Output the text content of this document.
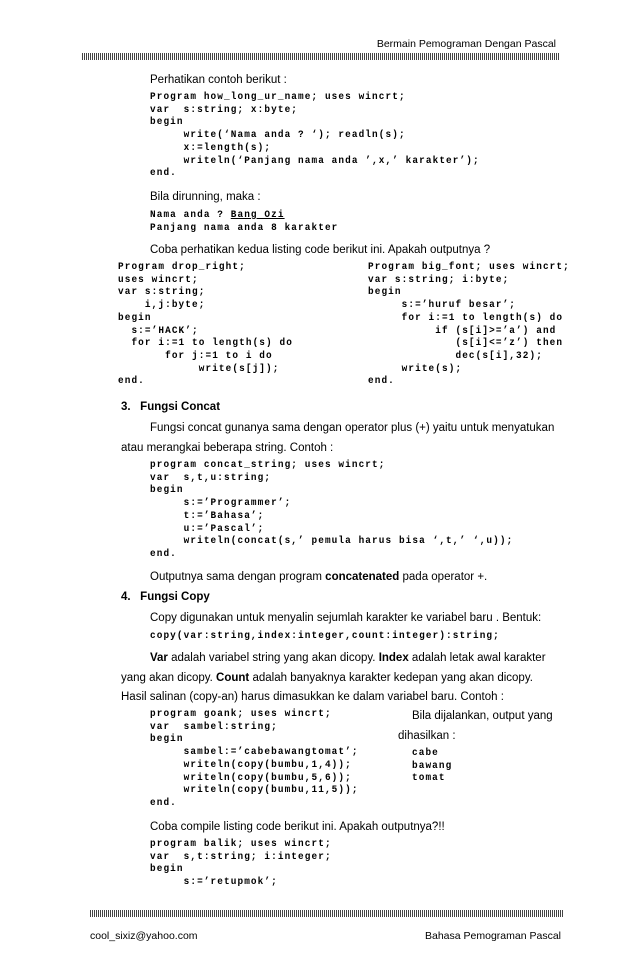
Bermain Pemograman Dengan Pascal
Perhatikan contoh berikut :
Program how_long_ur_name; uses wincrt;
var  s:string; x:byte;
begin
write(‘Nama anda ? ‘); readln(s);
x:=length(s);
writeln(‘Panjang nama anda ’,x,’ karakter’);
end.
Bila dirunning, maka :
Nama anda ? Bang Ozi
Panjang nama anda 8 karakter
Coba perhatikan kedua listing code berikut ini. Apakah outputnya ?
Program drop_right;
uses wincrt;
var s:string;
i,j:byte;
begin
s:=’HACK’;
for i:=1 to length(s) do
for j:=1 to i do
write(s[j]);
end.
Program big_font; uses wincrt;
var s:string; i:byte;
begin
s:=’huruf besar’;
for i:=1 to length(s) do
if (s[i]>=’a’) and
(s[i]<=’z’) then
dec(s[i],32);
write(s);
end.
3.   Fungsi Concat
Fungsi concat gunanya sama dengan operator plus (+) yaitu untuk menyatukan
atau merangkai beberapa string. Contoh :
program concat_string; uses wincrt;
var  s,t,u:string;
begin
s:=’Programmer’;
t:=’Bahasa’;
u:=’Pascal’;
writeln(concat(s,’ pemula harus bisa ‘,t,’ ‘,u));
end.
Outputnya sama dengan program concatenated pada operator +.
4.   Fungsi Copy
Copy digunakan untuk menyalin sejumlah karakter ke variabel baru . Bentuk:
copy(var:string,index:integer,count:integer):string;
Var adalah variabel string yang akan dicopy. Index adalah letak awal karakter
yang akan dicopy. Count adalah banyaknya karakter kedepan yang akan dicopy.
Hasil salinan (copy-an) harus dimasukkan ke dalam variabel baru. Contoh :
program goank; uses wincrt;
var  sambel:string;
begin
sambel:=’cabebawangtomat’;
writeln(copy(bumbu,1,4));
writeln(copy(bumbu,5,6));
writeln(copy(bumbu,11,5));
end.
Bila dijalankan, output yang
dihasilkan :
cabe
bawang
tomat
Coba compile listing code berikut ini. Apakah outputnya?!!
program balik; uses wincrt;
var  s,t:string; i:integer;
begin
s:=’retupmok’;
cool_sixiz@yahoo.com	Bahasa Pemograman Pascal
